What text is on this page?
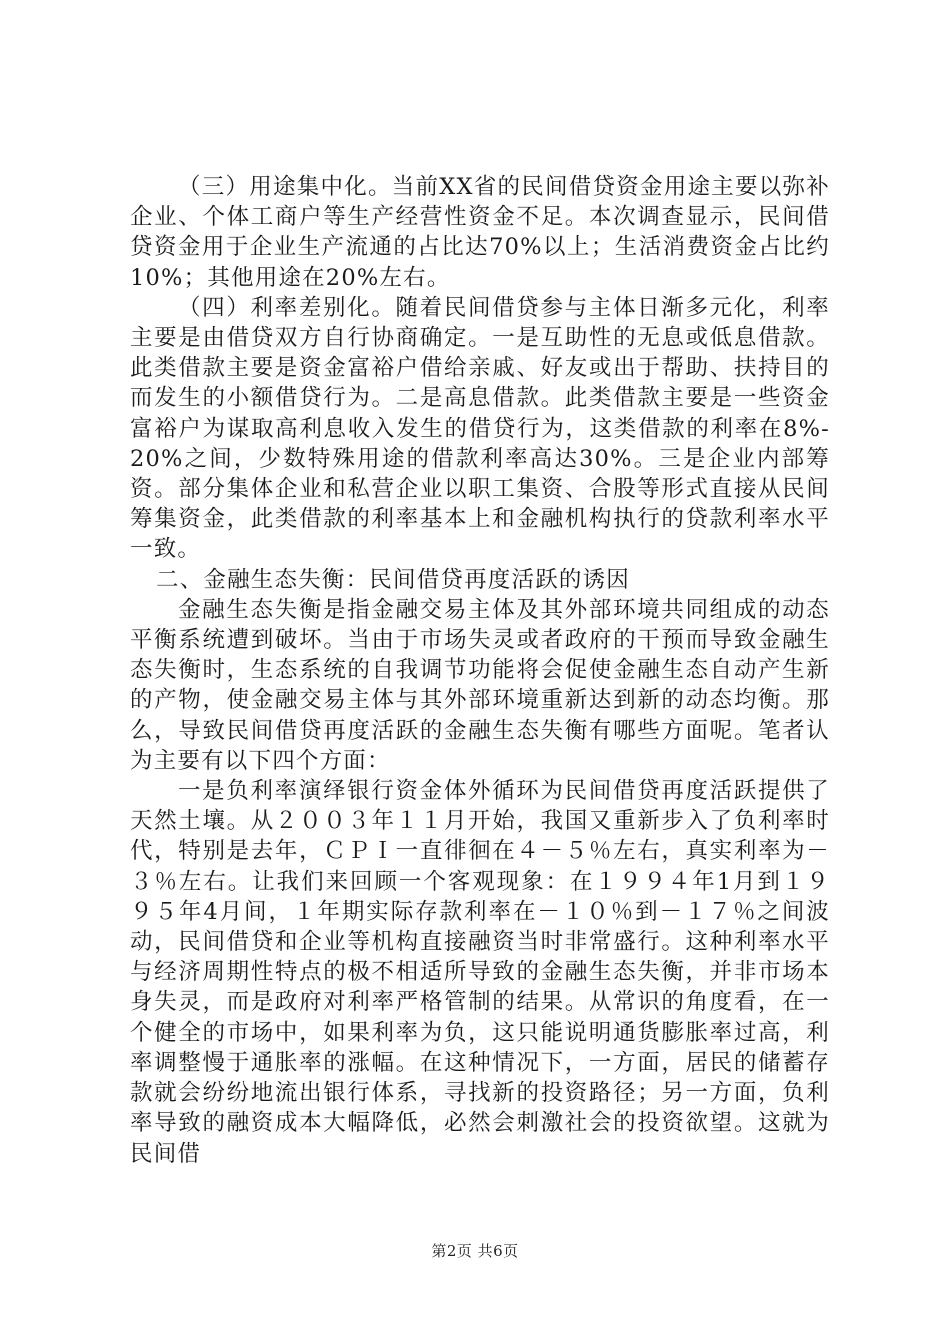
（三）用途集中化。当前XX省的民间借贷资金用途主要以弥补企业、个体工商户等生产经营性资金不足。本次调查显示，民间借贷资金用于企业生产流通的占比达70%以上；生活消费资金占比约10%；其他用途在20%左右。

（四）利率差别化。随着民间借贷参与主体日渐多元化，利率主要是由借贷双方自行协商确定。一是互助性的无息或低息借款。此类借款主要是资金富裕户借给亲戚、好友或出于帮助、扶持目的而发生的小额借贷行为。二是高息借款。此类借款主要是一些资金富裕户为谋取高利息收入发生的借贷行为，这类借款的利率在8%-20%之间，少数特殊用途的借款利率高达30%。三是企业内部筹资。部分集体企业和私营企业以职工集资、合股等形式直接从民间筹集资金，此类借款的利率基本上和金融机构执行的贷款利率水平一致。

二、金融生态失衡：民间借贷再度活跃的诱因

金融生态失衡是指金融交易主体及其外部环境共同组成的动态平衡系统遭到破坏。当由于市场失灵或者政府的干预而导致金融生态失衡时，生态系统的自我调节功能将会促使金融生态自动产生新的产物，使金融交易主体与其外部环境重新达到新的动态均衡。那么，导致民间借贷再度活跃的金融生态失衡有哪些方面呢。笔者认为主要有以下四个方面：

一是负利率演绎银行资金体外循环为民间借贷再度活跃提供了天然土壤。从２００３年１１月开始，我国又重新步入了负利率时代，特别是去年，ＣＰＩ一直徘徊在４－５％左右，真实利率为－３％左右。让我们来回顾一个客观现象：在１９９４年1月到１９９５年4月间，１年期实际存款利率在－１０％到－１７％之间波动，民间借贷和企业等机构直接融资当时非常盛行。这种利率水平与经济周期性特点的极不相适所导致的金融生态失衡，并非市场本身失灵，而是政府对利率严格管制的结果。从常识的角度看，在一个健全的市场中，如果利率为负，这只能说明通货膨胀率过高，利率调整慢于通胀率的涨幅。在这种情况下，一方面，居民的储蓄存款就会纷纷地流出银行体系，寻找新的投资路径；另一方面，负利率导致的融资成本大幅降低，必然会刺激社会的投资欲望。这就为民间借

第2页 共6页
